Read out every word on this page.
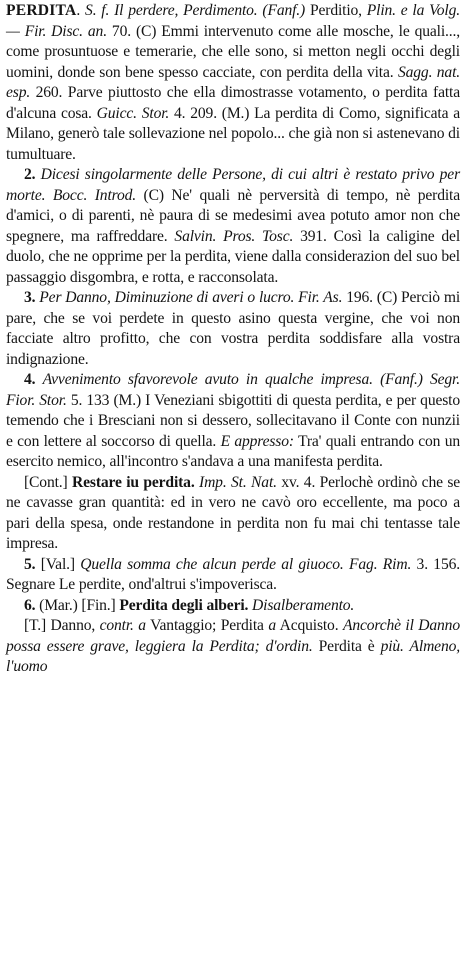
PERDITA. S. f. Il perdere, Perdimento. (Fanf.) Perditio, Plin. e la Volg. — Fir. Disc. an. 70. (C) Emmi intervenuto come alle mosche, le quali..., come prosuntuose e temerarie, che elle sono, si metton negli occhi degli uomini, donde son bene spesso cacciate, con perdita della vita. Sagg. nat. esp. 260. Parve piuttosto che ella dimostrasse votamento, o perdita fatta d'alcuna cosa. Guicc. Stor. 4. 209. (M.) La perdita di Como, significata a Milano, generò tale sollevazione nel popolo... che già non si astenevano di tumultuare.

2. Dicesi singolarmente delle Persone, di cui altri è restato privo per morte. Bocc. Introd. (C) Ne' quali nè perversità di tempo, nè perdita d'amici, o di parenti, nè paura di se medesimi avea potuto amor non che spegnere, ma raffreddare. Salvin. Pros. Tosc. 391. Così la caligine del duolo, che ne opprime per la perdita, viene dalla considerazion del suo bel passaggio disgombra, e rotta, e racconsolata.

3. Per Danno, Diminuzione di averi o lucro. Fir. As. 196. (C) Perciò mi pare, che se voi perdete in questo asino questa vergine, che voi non facciate altro profitto, che con vostra perdita soddisfare alla vostra indignazione.

4. Avvenimento sfavorevole avuto in qualche impresa. (Fanf.) Segr. Fior. Stor. 5. 133 (M.) I Veneziani sbigottiti di questa perdita, e per questo temendo che i Bresciani non si dessero, sollecitavano il Conte con nunzii e con lettere al soccorso di quella. E appresso: Tra' quali entrando con un esercito nemico, all'incontro s'andava a una manifesta perdita.

[Cont.] Restare iu perdita. Imp. St. Nat. xv. 4. Perlochè ordinò che se ne cavasse gran quantità: ed in vero ne cavò oro eccellente, ma poco a pari della spesa, onde restandone in perdita non fu mai chi tentasse tale impresa.

5. [Val.] Quella somma che alcun perde al giuoco. Fag. Rim. 3. 156. Segnare Le perdite, ond'altrui s'impoverisca.

6. (Mar.) [Fin.] Perdita degli alberi. Disalberamento.

[T.] Danno, contr. a Vantaggio; Perdita a Acquisto. Ancorchè il Danno possa essere grave, leggiera la Perdita; d'ordin. Perdita è più. Almeno, l'uomo
